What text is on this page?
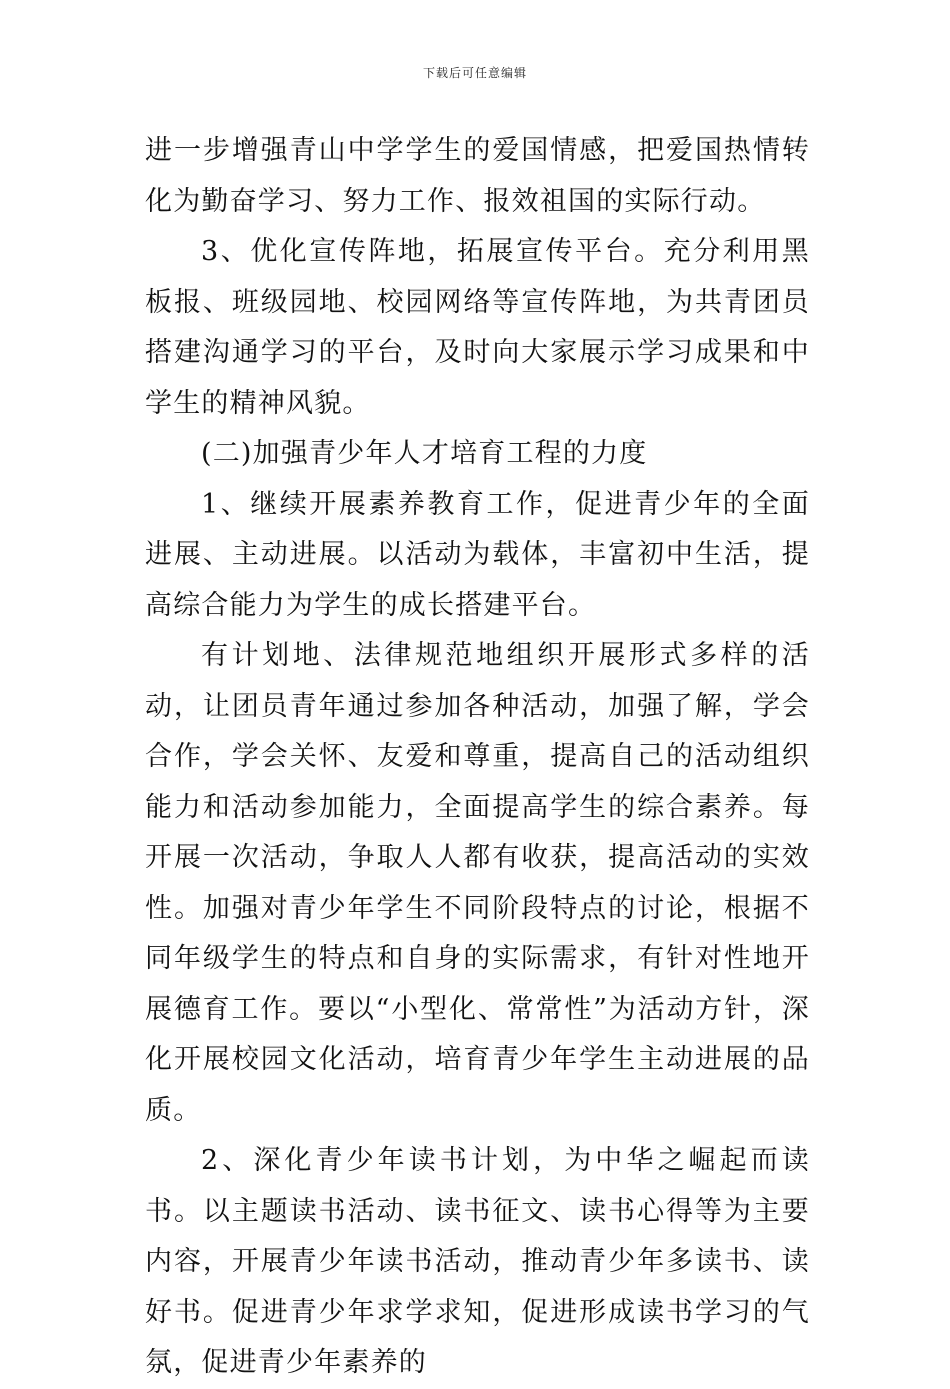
下载后可任意编辑

进一步增强青山中学学生的爱国情感，把爱国热情转化为勤奋学习、努力工作、报效祖国的实际行动。

3、优化宣传阵地，拓展宣传平台。充分利用黑板报、班级园地、校园网络等宣传阵地，为共青团员搭建沟通学习的平台，及时向大家展示学习成果和中学生的精神风貌。

(二)加强青少年人才培育工程的力度

1、继续开展素养教育工作，促进青少年的全面进展、主动进展。以活动为载体，丰富初中生活，提高综合能力为学生的成长搭建平台。

有计划地、法律规范地组织开展形式多样的活动，让团员青年通过参加各种活动，加强了解，学会合作，学会关怀、友爱和尊重，提高自己的活动组织能力和活动参加能力，全面提高学生的综合素养。每开展一次活动，争取人人都有收获，提高活动的实效性。加强对青少年学生不同阶段特点的讨论，根据不同年级学生的特点和自身的实际需求，有针对性地开展德育工作。要以“小型化、常常性”为活动方针，深化开展校园文化活动，培育青少年学生主动进展的品质。

2、深化青少年读书计划，为中华之崛起而读书。以主题读书活动、读书征文、读书心得等为主要内容，开展青少年读书活动，推动青少年多读书、读好书。促进青少年求学求知，促进形成读书学习的气氛，促进青少年素养的
